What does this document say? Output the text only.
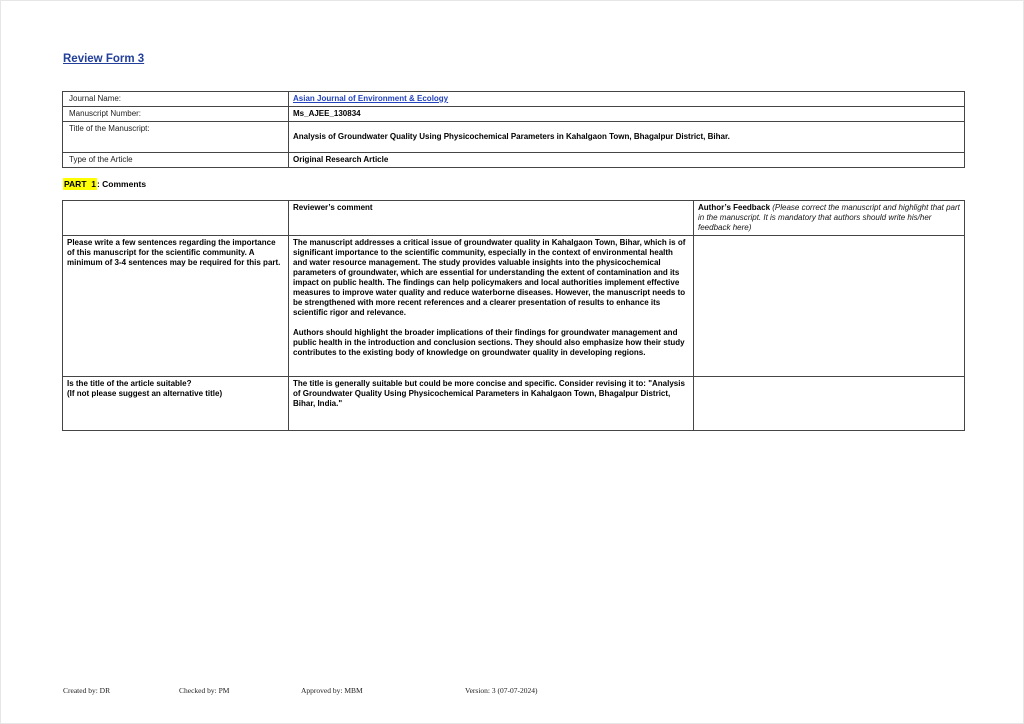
Review Form 3
Journal Name:	Asian Journal of Environment & Ecology
Manuscript Number:	Ms_AJEE_130834
Title of the Manuscript:	Analysis of Groundwater Quality Using Physicochemical Parameters in Kahalgaon Town, Bhagalpur District, Bihar.
Type of the Article	Original Research Article
PART  1: Comments
	Reviewer’s comment	Author’s Feedback (Please correct the manuscript and highlight that part in the manuscript. It is mandatory that authors should write his/her feedback here)
Please write a few sentences regarding the importance of this manuscript for the scientific community. A minimum of 3-4 sentences may be required for this part.	The manuscript addresses a critical issue of groundwater quality in Kahalgaon Town, Bihar, which is of significant importance to the scientific community, especially in the context of environmental health and water resource management. The study provides valuable insights into the physicochemical parameters of groundwater, which are essential for understanding the extent of contamination and its impact on public health. The findings can help policymakers and local authorities implement effective measures to improve water quality and reduce waterborne diseases. However, the manuscript needs to be strengthened with more recent references and a clearer presentation of results to enhance its scientific rigor and relevance.

Authors should highlight the broader implications of their findings for groundwater management and public health in the introduction and conclusion sections. They should also emphasize how their study contributes to the existing body of knowledge on groundwater quality in developing regions.	

Is the title of the article suitable?
(If not please suggest an alternative title)	The title is generally suitable but could be more concise and specific. Consider revising it to: "Analysis of Groundwater Quality Using Physicochemical Parameters in Kahalgaon Town, Bhagalpur District, Bihar, India."	

Created by: DR	Checked by: PM	Approved by: MBM	Version: 3 (07-07-2024)
